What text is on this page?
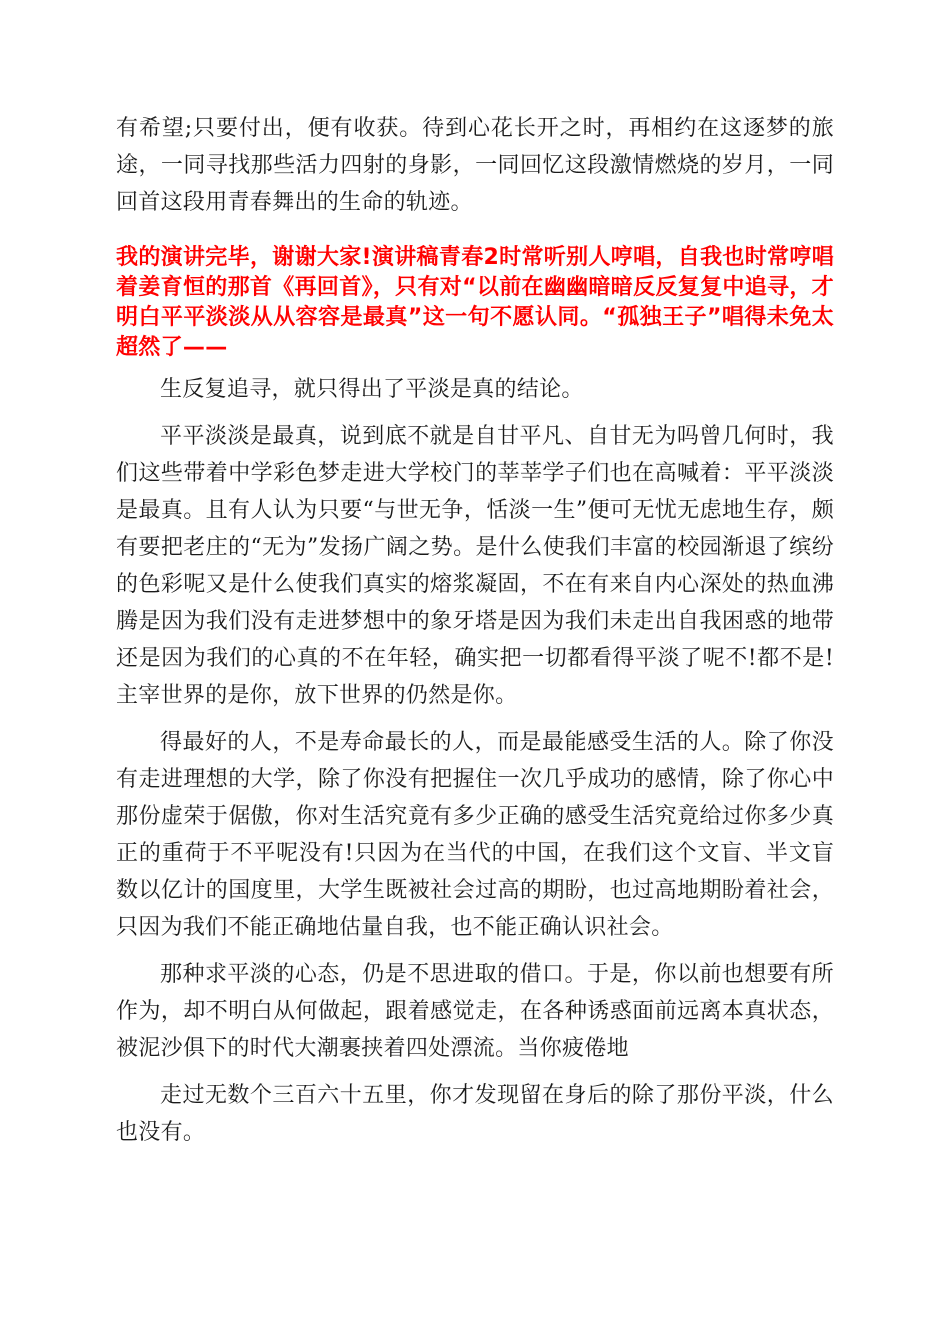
有希望;只要付出，便有收获。待到心花长开之时，再相约在这逐梦的旅途，一同寻找那些活力四射的身影，一同回忆这段激情燃烧的岁月，一同回首这段用青春舞出的生命的轨迹。

我的演讲完毕，谢谢大家!演讲稿青春2时常听别人哼唱，自我也时常哼唱着姜育恒的那首《再回首》，只有对“以前在幽幽暗暗反反复复中追寻，才明白平平淡淡从从容容是最真”这一句不愿认同。“孤独王子”唱得未免太超然了——

生反复追寻，就只得出了平淡是真的结论。

平平淡淡是最真，说到底不就是自甘平凡、自甘无为吗曾几何时，我们这些带着中学彩色梦走进大学校门的莘莘学子们也在高喊着：平平淡淡是最真。且有人认为只要“与世无争，恬淡一生”便可无忧无虑地生存，颇有要把老庄的“无为”发扬广阔之势。是什么使我们丰富的校园渐退了缤纷的色彩呢又是什么使我们真实的熔浆凝固，不在有来自内心深处的热血沸腾是因为我们没有走进梦想中的象牙塔是因为我们未走出自我困惑的地带还是因为我们的心真的不在年轻，确实把一切都看得平淡了呢不!都不是!主宰世界的是你，放下世界的仍然是你。

得最好的人，不是寿命最长的人，而是最能感受生活的人。除了你没有走进理想的大学，除了你没有把握住一次几乎成功的感情，除了你心中那份虚荣于倨傲，你对生活究竟有多少正确的感受生活究竟给过你多少真正的重荷于不平呢没有!只因为在当代的中国，在我们这个文盲、半文盲数以亿计的国度里，大学生既被社会过高的期盼，也过高地期盼着社会，只因为我们不能正确地估量自我，也不能正确认识社会。

那种求平淡的心态，仍是不思进取的借口。于是，你以前也想要有所作为，却不明白从何做起，跟着感觉走，在各种诱惑面前远离本真状态，被泥沙俱下的时代大潮裹挟着四处漂流。当你疲倦地

走过无数个三百六十五里，你才发现留在身后的除了那份平淡，什么也没有。
